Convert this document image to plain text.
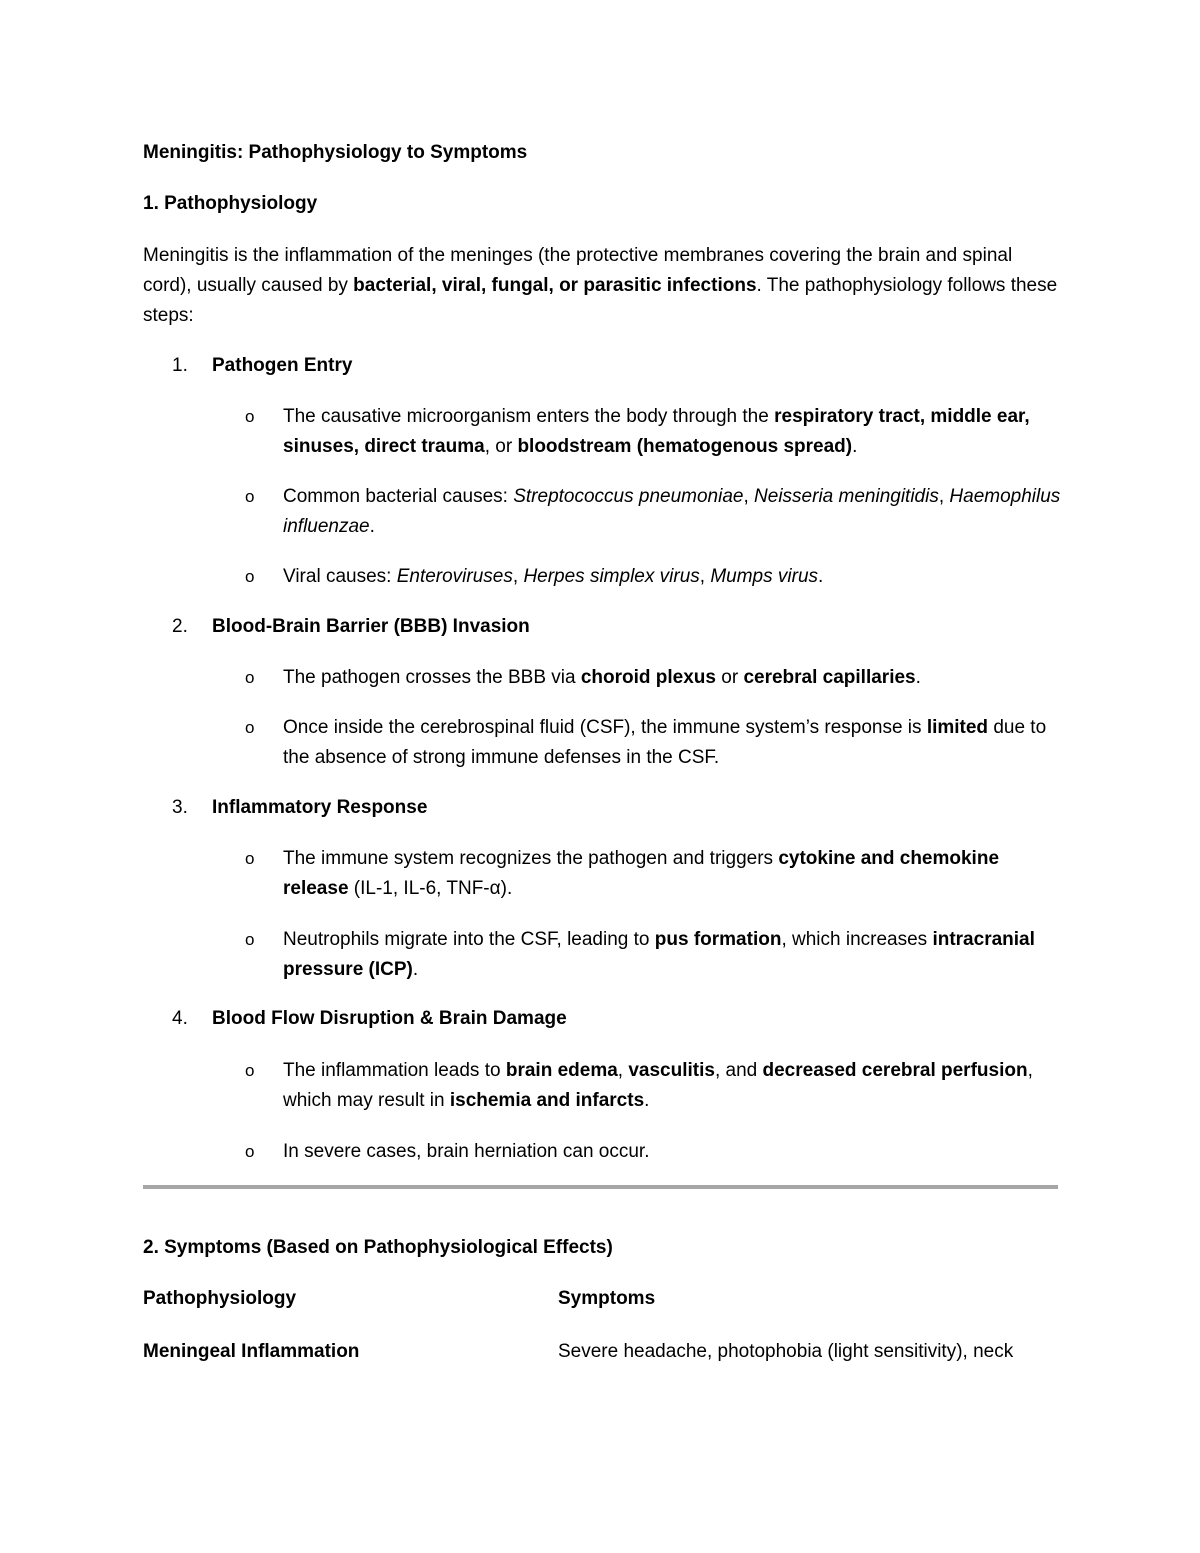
Meningitis: Pathophysiology to Symptoms
1. Pathophysiology

Meningitis is the inflammation of the meninges (the protective membranes covering the brain and spinal cord), usually caused by bacterial, viral, fungal, or parasitic infections. The pathophysiology follows these steps:

1. Pathogen Entry
o The causative microorganism enters the body through the respiratory tract, middle ear, sinuses, direct trauma, or bloodstream (hematogenous spread).
o Common bacterial causes: Streptococcus pneumoniae, Neisseria meningitidis, Haemophilus influenzae.
o Viral causes: Enteroviruses, Herpes simplex virus, Mumps virus.
2. Blood-Brain Barrier (BBB) Invasion
o The pathogen crosses the BBB via choroid plexus or cerebral capillaries.
o Once inside the cerebrospinal fluid (CSF), the immune system’s response is limited due to the absence of strong immune defenses in the CSF.
3. Inflammatory Response
o The immune system recognizes the pathogen and triggers cytokine and chemokine release (IL-1, IL-6, TNF-α).
o Neutrophils migrate into the CSF, leading to pus formation, which increases intracranial pressure (ICP).
4. Blood Flow Disruption & Brain Damage
o The inflammation leads to brain edema, vasculitis, and decreased cerebral perfusion, which may result in ischemia and infarcts.
o In severe cases, brain herniation can occur.
2. Symptoms (Based on Pathophysiological Effects)
Pathophysiology	Symptoms
Meningeal Inflammation	Severe headache, photophobia (light sensitivity), neck
